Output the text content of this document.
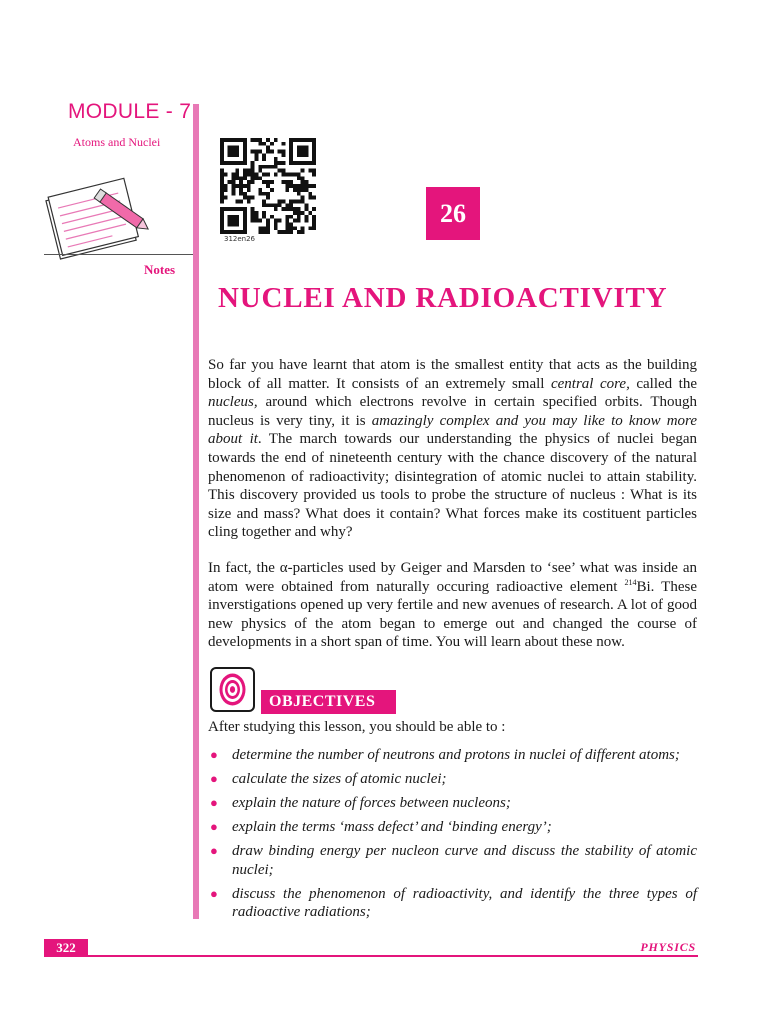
MODULE - 7
Atoms and Nuclei
Notes
312en26
26
NUCLEI AND RADIOACTIVITY

So far you have learnt that atom is the smallest entity that acts as the building block of all matter. It consists of an extremely small central core, called the nucleus, around which electrons revolve in certain specified orbits. Though nucleus is very tiny, it is amazingly complex and you may like to know more about it. The march towards our understanding the physics of nuclei began towards the end of nineteenth century with the chance discovery of the natural phenomenon of radioactivity; disintegration of atomic nuclei to attain stability. This discovery provided us tools to probe the structure of nucleus : What is its size and mass? What does it contain? What forces make its costituent particles cling together and why?

In fact, the α-particles used by Geiger and Marsden to ‘see’ what was inside an atom were obtained from naturally occuring radioactive element $^{214}$Bi. These inverstigations opened up very fertile and new avenues of research. A lot of good new physics of the atom began to emerge out and changed the course of developments in a short span of time. You will learn about these now.

OBJECTIVES
After studying this lesson, you should be able to :
● determine the number of neutrons and protons in nuclei of different atoms;
● calculate the sizes of atomic nuclei;
● explain the nature of forces between nucleons;
● explain the terms ‘mass defect’ and ‘binding energy’;
● draw binding energy per nucleon curve and discuss the stability of atomic nuclei;
● discuss the phenomenon of radioactivity, and identify the three types of radioactive radiations;
322	PHYSICS
